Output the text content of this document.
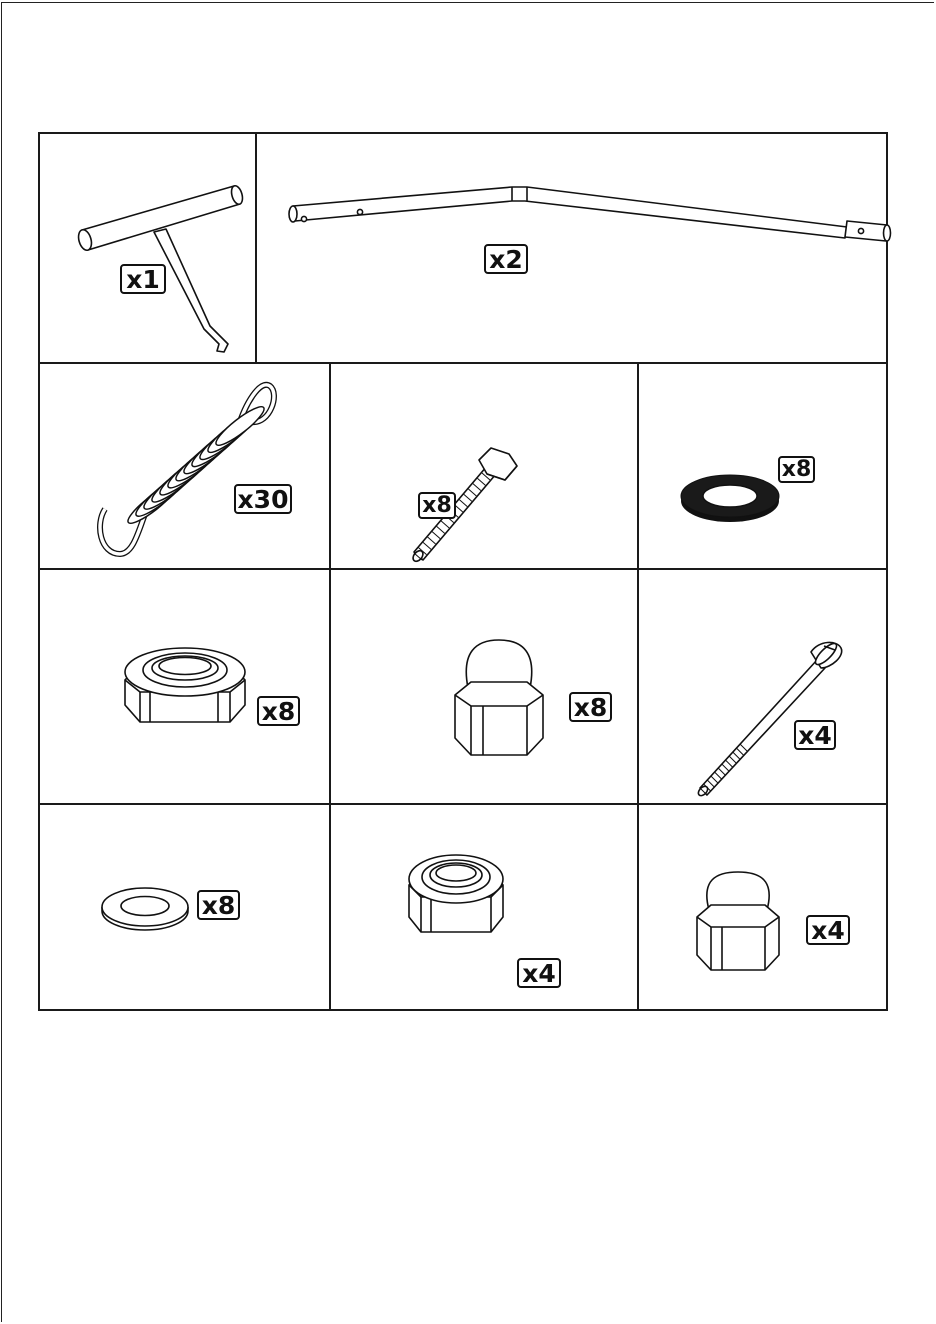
x1
x2
x30	x8
x8
x8	x8
x4
x8
x4
x4
